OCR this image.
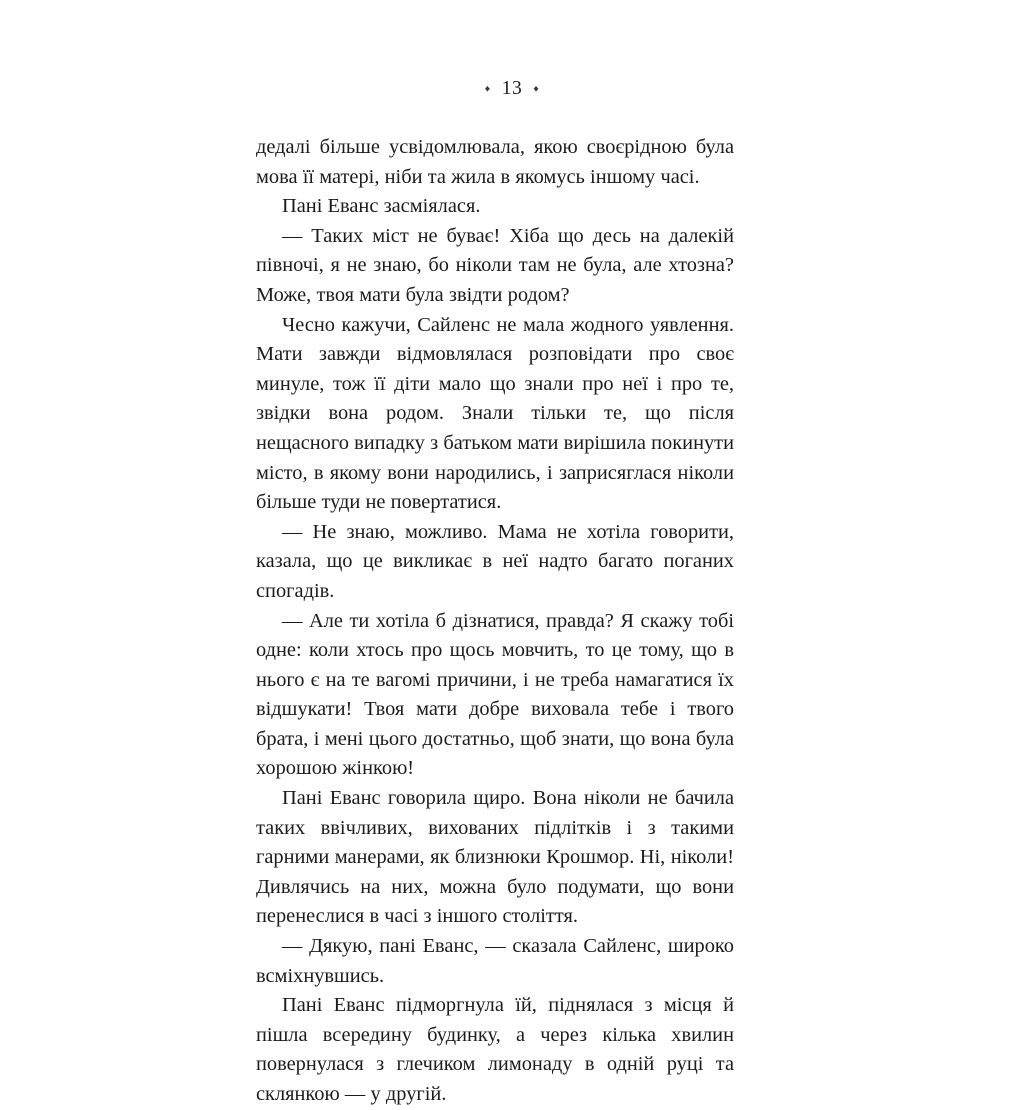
♦ 13 ♦

дедалі більше усвідомлювала, якою своєрідною була мова її матері, ніби та жила в якомусь іншому часі.

Пані Еванс засміялася.

— Таких міст не буває! Хіба що десь на далекій півночі, я не знаю, бо ніколи там не була, але хтозна? Може, твоя мати була звідти родом?

Чесно кажучи, Сайленс не мала жодного уявлення. Мати завжди відмовлялася розповідати про своє минуле, тож її діти мало що знали про неї і про те, звідки вона родом. Знали тільки те, що після нещасного випадку з батьком мати вирішила покинути місто, в якому вони народились, і заприсяглася ніколи більше туди не повертатися.

— Не знаю, можливо. Мама не хотіла говорити, казала, що це викликає в неї надто багато поганих спогадів.

— Але ти хотіла б дізнатися, правда? Я скажу тобі одне: коли хтось про щось мовчить, то це тому, що в нього є на те вагомі причини, і не треба намагатися їх відшукати! Твоя мати добре виховала тебе і твого брата, і мені цього достатньо, щоб знати, що вона була хорошою жінкою!

Пані Еванс говорила щиро. Вона ніколи не бачила таких ввічливих, вихованих підлітків і з такими гарними манерами, як близнюки Крошмор. Ні, ніколи! Дивлячись на них, можна було подумати, що вони перенеслися в часі з іншого століття.

— Дякую, пані Еванс, — сказала Сайленс, широко всміхнувшись.

Пані Еванс підморгнула їй, піднялася з місця й пішла всередину будинку, а через кілька хвилин повернулася з глечиком лимонаду в одній руці та склянкою — у другій.
